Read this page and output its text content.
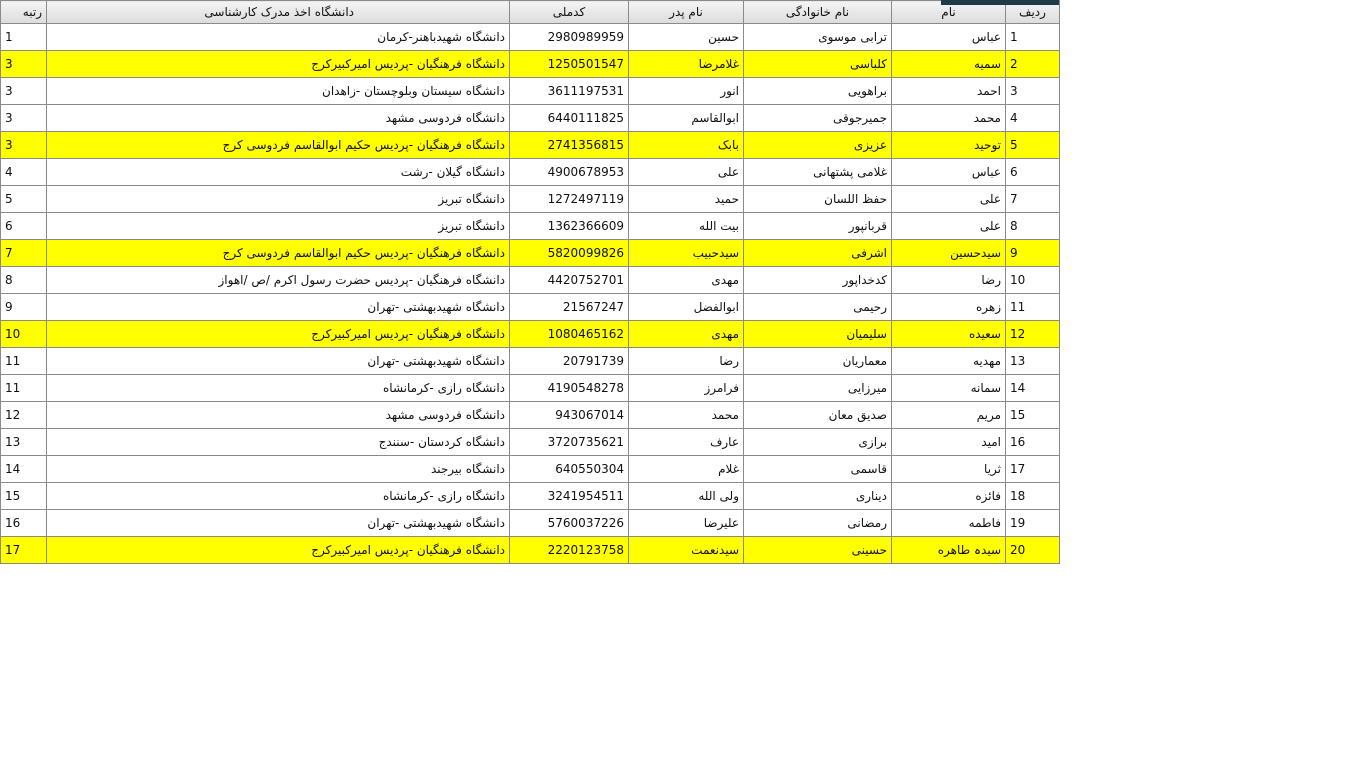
رتبه	دانشگاه اخذ مدرک کارشناسی	کدملی	نام پدر	نام خانوادگی	نام	ردیف
1	دانشگاه شهیدباهنر-کرمان	2980989959	حسین	ترابی موسوی	عباس	1
3	دانشگاه فرهنگیان -پردیس امیرکبیرکرج	1250501547	غلامرضا	کلباسی	سمیه	2
3	دانشگاه سیستان وبلوچستان -زاهدان	3611197531	انور	براهویی	احمد	3
3	دانشگاه فردوسی مشهد	6440111825	ابوالقاسم	جمیرجوقی	محمد	4
3	دانشگاه فرهنگیان -پردیس حکیم ابوالقاسم فردوسی کرج	2741356815	بابک	عزیزی	توحید	5
4	دانشگاه گیلان -رشت	4900678953	علی	غلامی پشتهانی	عباس	6
5	دانشگاه تبریز	1272497119	حمید	حفظ اللسان	علی	7
6	دانشگاه تبریز	1362366609	بیت الله	قربانپور	علی	8
7	دانشگاه فرهنگیان -پردیس حکیم ابوالقاسم فردوسی کرج	5820099826	سیدحبیب	اشرفی	سیدحسین	9
8	دانشگاه فرهنگیان -پردیس حضرت رسول اکرم /ص /اهواز	4420752701	مهدی	کدخداپور	رضا	10
9	دانشگاه شهیدبهشتی -تهران	21567247	ابوالفضل	رحیمی	زهره	11
10	دانشگاه فرهنگیان -پردیس امیرکبیرکرج	1080465162	مهدی	سلیمیان	سعیده	12
11	دانشگاه شهیدبهشتی -تهران	20791739	رضا	معماریان	مهدیه	13
11	دانشگاه رازی -کرمانشاه	4190548278	فرامرز	میرزایی	سمانه	14
12	دانشگاه فردوسی مشهد	943067014	محمد	صدیق معان	مریم	15
13	دانشگاه کردستان -سنندج	3720735621	عارف	برازی	امید	16
14	دانشگاه بیرجند	640550304	غلام	قاسمی	ثریا	17
15	دانشگاه رازی -کرمانشاه	3241954511	ولی الله	دیناری	فائزه	18
16	دانشگاه شهیدبهشتی -تهران	5760037226	علیرضا	رمضانی	فاطمه	19
17	دانشگاه فرهنگیان -پردیس امیرکبیرکرج	2220123758	سیدنعمت	حسینی	سیدہ طاهره	20
